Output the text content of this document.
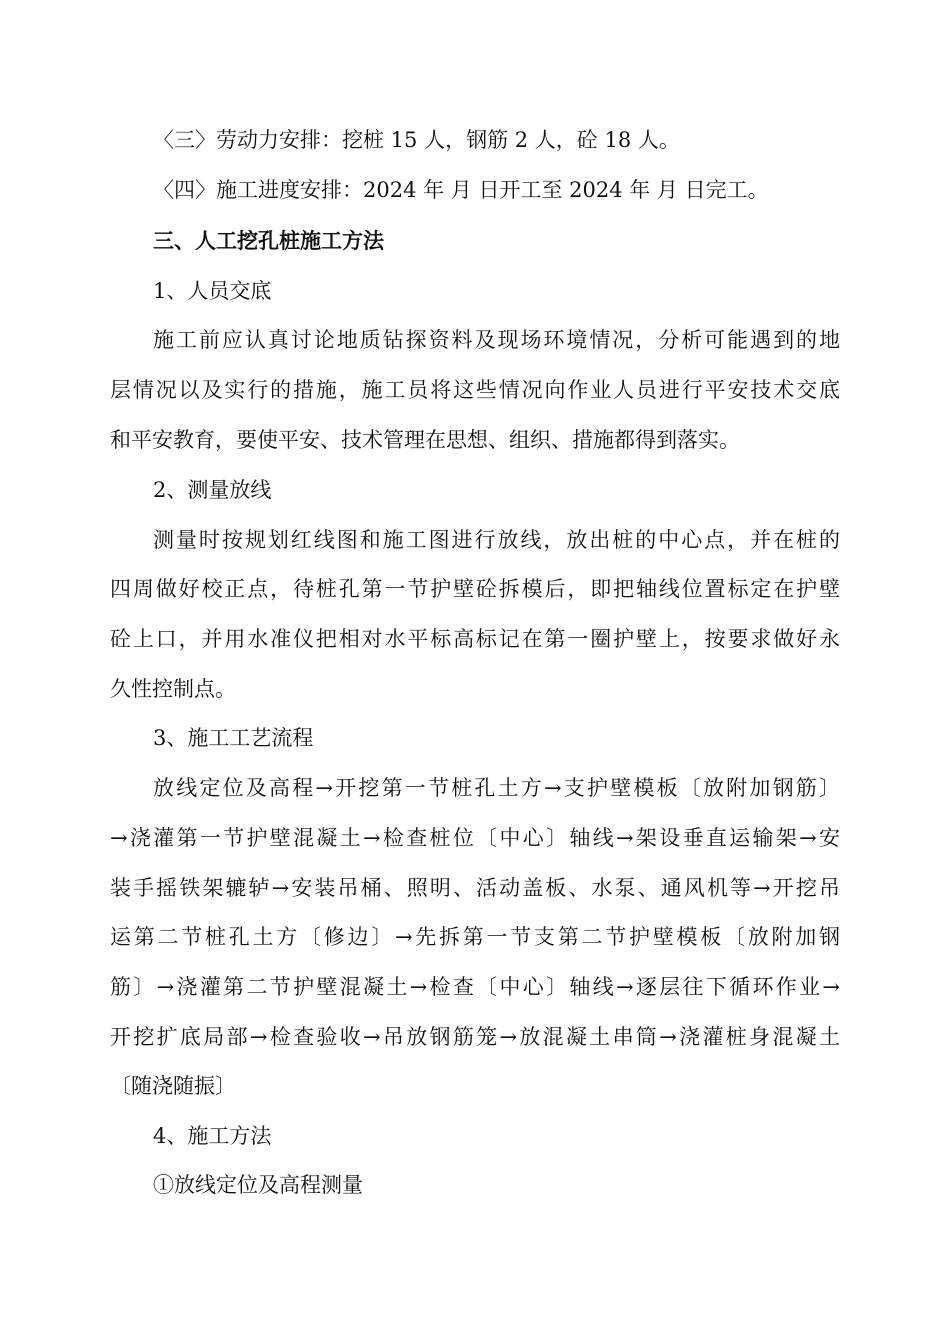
〈三〉劳动力安排：挖桩 15 人，钢筋 2 人，砼 18 人。
〈四〉施工进度安排：2024 年 月 日开工至 2024 年 月 日完工。
三、人工挖孔桩施工方法
1、人员交底
施工前应认真讨论地质钻探资料及现场环境情况，分析可能遇到的地
层情况以及实行的措施，施工员将这些情况向作业人员进行平安技术交底
和平安教育，要使平安、技术管理在思想、组织、措施都得到落实。
2、测量放线
测量时按规划红线图和施工图进行放线，放出桩的中心点，并在桩的
四周做好校正点，待桩孔第一节护壁砼拆模后，即把轴线位置标定在护壁
砼上口，并用水准仪把相对水平标高标记在第一圈护壁上，按要求做好永
久性控制点。
3、施工工艺流程
放线定位及高程→开挖第一节桩孔土方→支护壁模板〔放附加钢筋〕
→浇灌第一节护壁混凝土→检查桩位〔中心〕轴线→架设垂直运输架→安
装手摇铁架辘轳→安装吊桶、照明、活动盖板、水泵、通风机等→开挖吊
运第二节桩孔土方〔修边〕→先拆第一节支第二节护壁模板〔放附加钢
筋〕→浇灌第二节护壁混凝土→检查〔中心〕轴线→逐层往下循环作业→
开挖扩底局部→检查验收→吊放钢筋笼→放混凝土串筒→浇灌桩身混凝土
〔随浇随振〕
4、施工方法
①放线定位及高程测量
